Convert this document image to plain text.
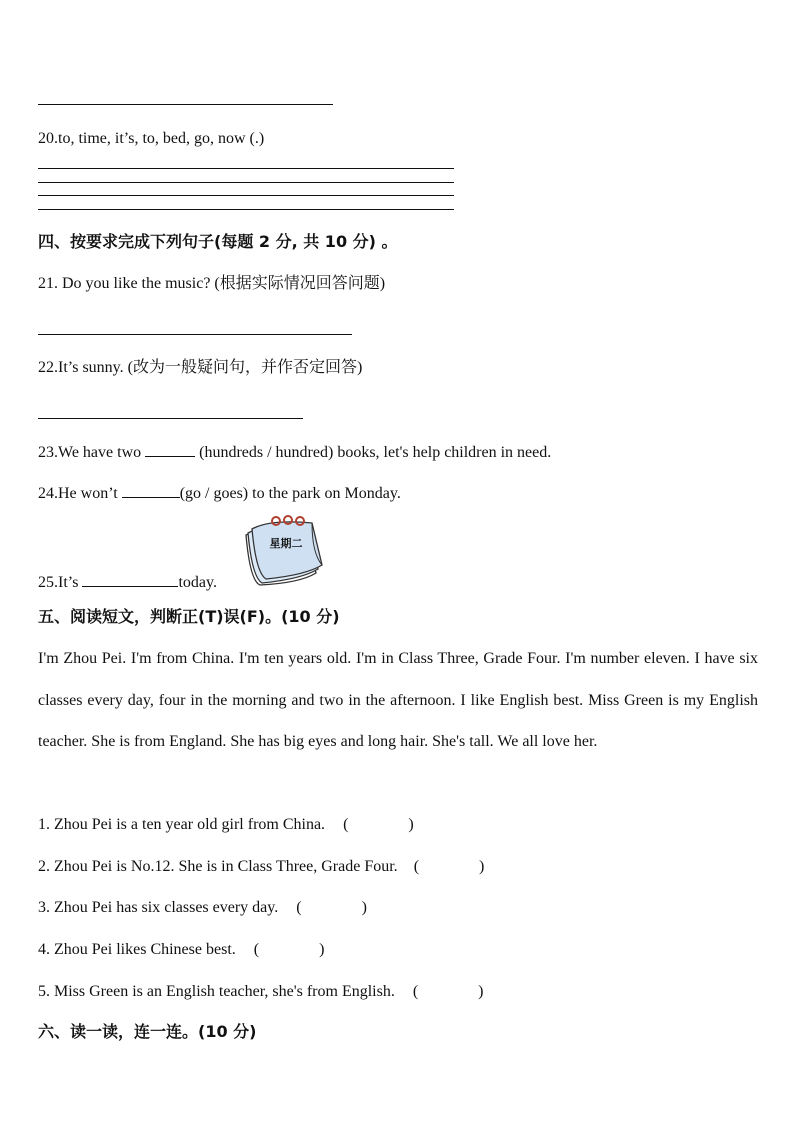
20.to, time, it’s, to, bed, go, now (.)
四、按要求完成下列句子(每题 2 分, 共 10 分) 。
21. Do you like the music? (根据实际情况回答问题)
22.It’s sunny. (改为一般疑问句，并作否定回答)
23.We have two	(hundreds / hundred) books, let's help children in need.
24.He won’t	(go / goes) to the park on Monday.
星期二
25.It’s	today.
五、阅读短文，判断正(T)误(F)。(10 分)
I'm Zhou Pei. I'm from China. I'm ten years old. I'm in Class Three, Grade Four. I'm number eleven. I have six classes every day, four in the morning and two in the afternoon. I like English best. Miss Green is my English teacher. She is from England. She has big eyes and long hair. She's tall. We all love her.
1. Zhou Pei is a ten year old girl from China. (	)
2. Zhou Pei is No.12. She is in Class Three, Grade Four. (	)
3. Zhou Pei has six classes every day. (	)
4. Zhou Pei likes Chinese best. (	)
5. Miss Green is an English teacher, she's from English. (	)
六、读一读，连一连。(10 分)
